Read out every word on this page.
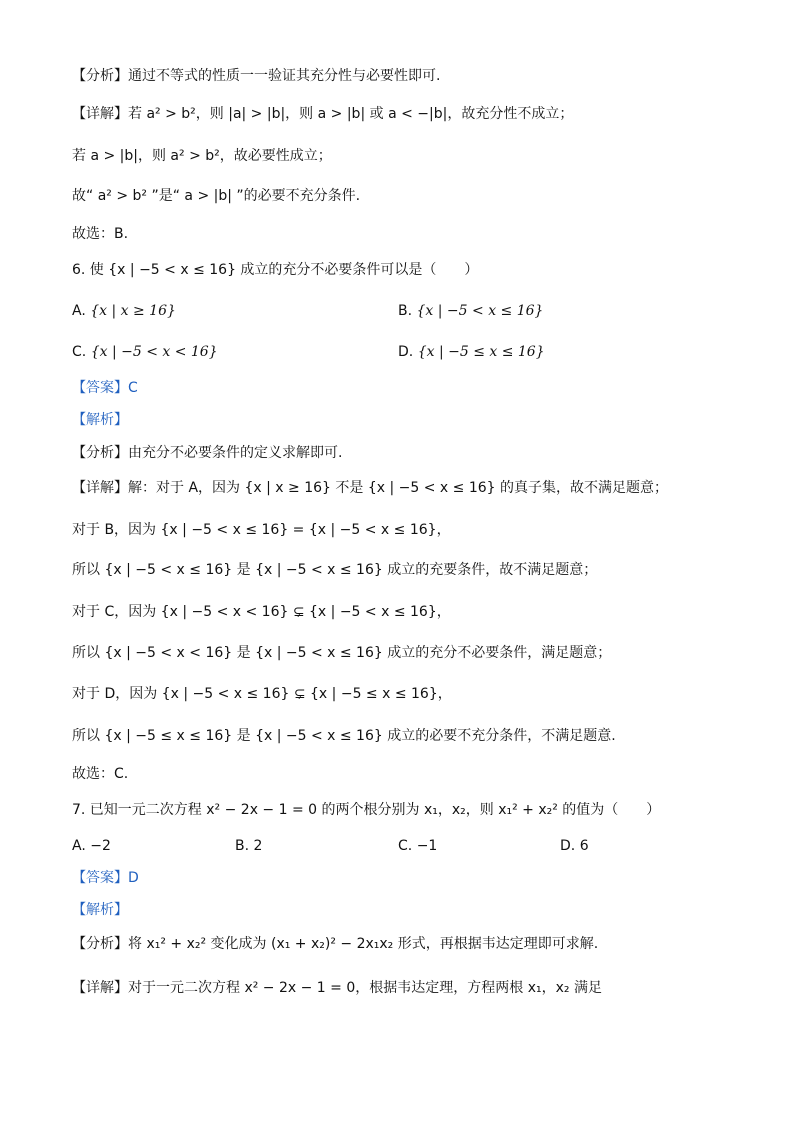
【分析】通过不等式的性质一一验证其充分性与必要性即可.
【详解】若 a² > b²，则 |a| > |b|，则 a > |b| 或 a < −|b|，故充分性不成立；
若 a > |b|，则 a² > b²，故必要性成立；
故“ a² > b² ”是“ a > |b| ”的必要不充分条件.
故选：B.
6. 使 {x | −5 < x ≤ 16} 成立的充分不必要条件可以是（　　）
A. {x | x ≥ 16}	B. {x | −5 < x ≤ 16}
C. {x | −5 < x < 16}	D. {x | −5 ≤ x ≤ 16}
【答案】C
【解析】
【分析】由充分不必要条件的定义求解即可.
【详解】解：对于 A，因为 {x | x ≥ 16} 不是 {x | −5 < x ≤ 16} 的真子集，故不满足题意；
对于 B，因为 {x | −5 < x ≤ 16} = {x | −5 < x ≤ 16}，
所以 {x | −5 < x ≤ 16} 是 {x | −5 < x ≤ 16} 成立的充要条件，故不满足题意；
对于 C，因为 {x | −5 < x < 16} ⊊ {x | −5 < x ≤ 16}，
所以 {x | −5 < x < 16} 是 {x | −5 < x ≤ 16} 成立的充分不必要条件，满足题意；
对于 D，因为 {x | −5 < x ≤ 16} ⊊ {x | −5 ≤ x ≤ 16}，
所以 {x | −5 ≤ x ≤ 16} 是 {x | −5 < x ≤ 16} 成立的必要不充分条件，不满足题意.
故选：C.
7. 已知一元二次方程 x² − 2x − 1 = 0 的两个根分别为 x₁，x₂，则 x₁² + x₂² 的值为（　　）
A. −2	B. 2	C. −1	D. 6
【答案】D
【解析】
【分析】将 x₁² + x₂² 变化成为 (x₁ + x₂)² − 2x₁x₂ 形式，再根据韦达定理即可求解.
【详解】对于一元二次方程 x² − 2x − 1 = 0，根据韦达定理，方程两根 x₁，x₂ 满足
